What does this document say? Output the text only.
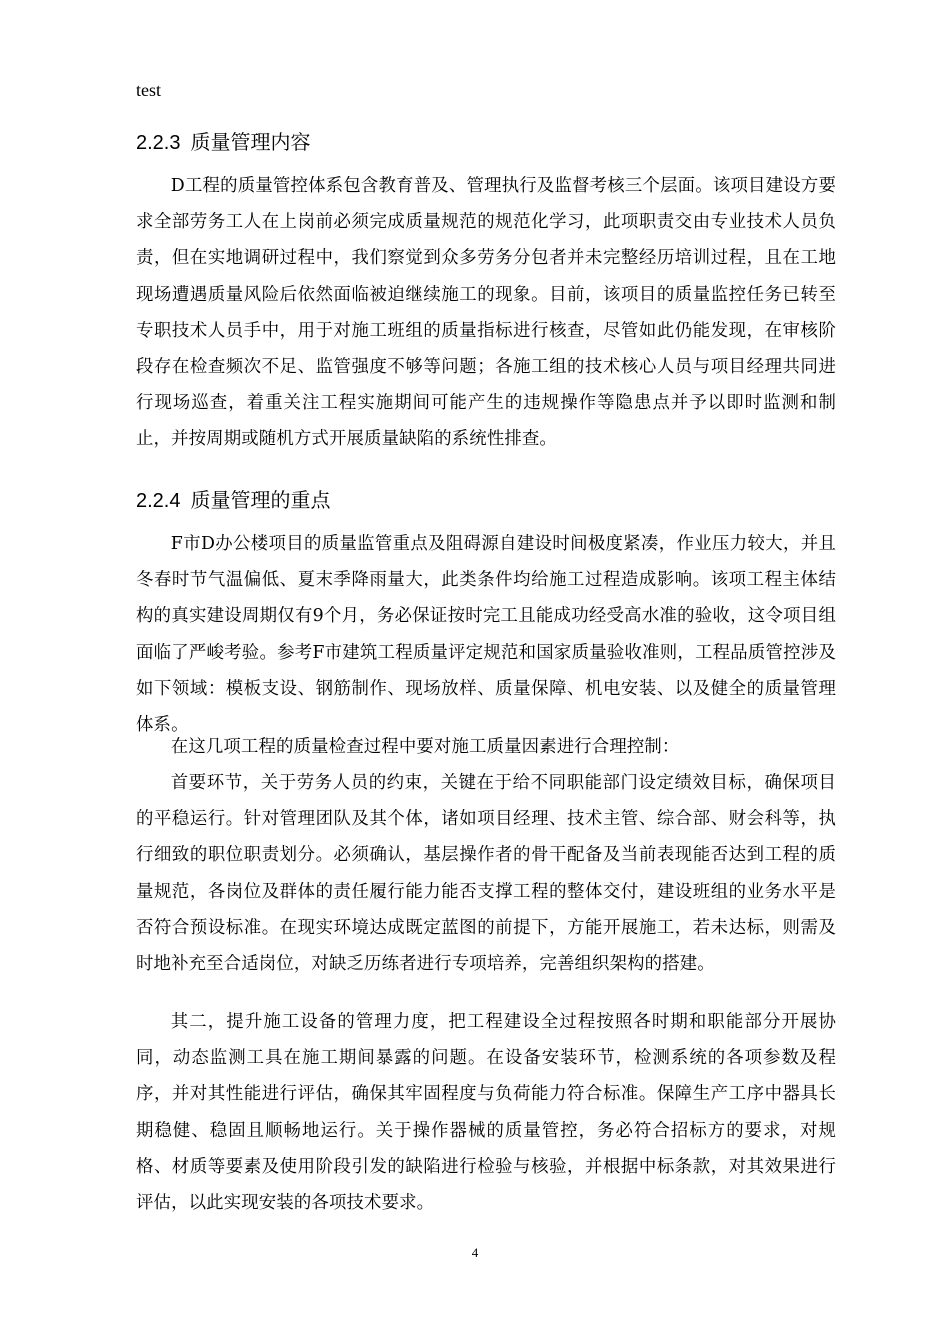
test
2.2.3 质量管理内容

D工程的质量管控体系包含教育普及、管理执行及监督考核三个层面。该项目建设方要求全部劳务工人在上岗前必须完成质量规范的规范化学习，此项职责交由专业技术人员负责，但在实地调研过程中，我们察觉到众多劳务分包者并未完整经历培训过程，且在工地现场遭遇质量风险后依然面临被迫继续施工的现象。目前，该项目的质量监控任务已转至专职技术人员手中，用于对施工班组的质量指标进行核查，尽管如此仍能发现，在审核阶段存在检查频次不足、监管强度不够等问题；各施工组的技术核心人员与项目经理共同进行现场巡查，着重关注工程实施期间可能产生的违规操作等隐患点并予以即时监测和制止，并按周期或随机方式开展质量缺陷的系统性排查。

2.2.4 质量管理的重点

F市D办公楼项目的质量监管重点及阻碍源自建设时间极度紧凑，作业压力较大，并且冬春时节气温偏低、夏末季降雨量大，此类条件均给施工过程造成影响。该项工程主体结构的真实建设周期仅有9个月，务必保证按时完工且能成功经受高水准的验收，这令项目组面临了严峻考验。参考F市建筑工程质量评定规范和国家质量验收准则，工程品质管控涉及如下领域：模板支设、钢筋制作、现场放样、质量保障、机电安装、以及健全的质量管理体系。

在这几项工程的质量检查过程中要对施工质量因素进行合理控制：

首要环节，关于劳务人员的约束，关键在于给不同职能部门设定绩效目标，确保项目的平稳运行。针对管理团队及其个体，诸如项目经理、技术主管、综合部、财会科等，执行细致的职位职责划分。必须确认，基层操作者的骨干配备及当前表现能否达到工程的质量规范，各岗位及群体的责任履行能力能否支撑工程的整体交付，建设班组的业务水平是否符合预设标准。在现实环境达成既定蓝图的前提下，方能开展施工，若未达标，则需及时地补充至合适岗位，对缺乏历练者进行专项培养，完善组织架构的搭建。

其二，提升施工设备的管理力度，把工程建设全过程按照各时期和职能部分开展协同，动态监测工具在施工期间暴露的问题。在设备安装环节，检测系统的各项参数及程序，并对其性能进行评估，确保其牢固程度与负荷能力符合标准。保障生产工序中器具长期稳健、稳固且顺畅地运行。关于操作器械的质量管控，务必符合招标方的要求，对规格、材质等要素及使用阶段引发的缺陷进行检验与核验，并根据中标条款，对其效果进行评估，以此实现安装的各项技术要求。

4
